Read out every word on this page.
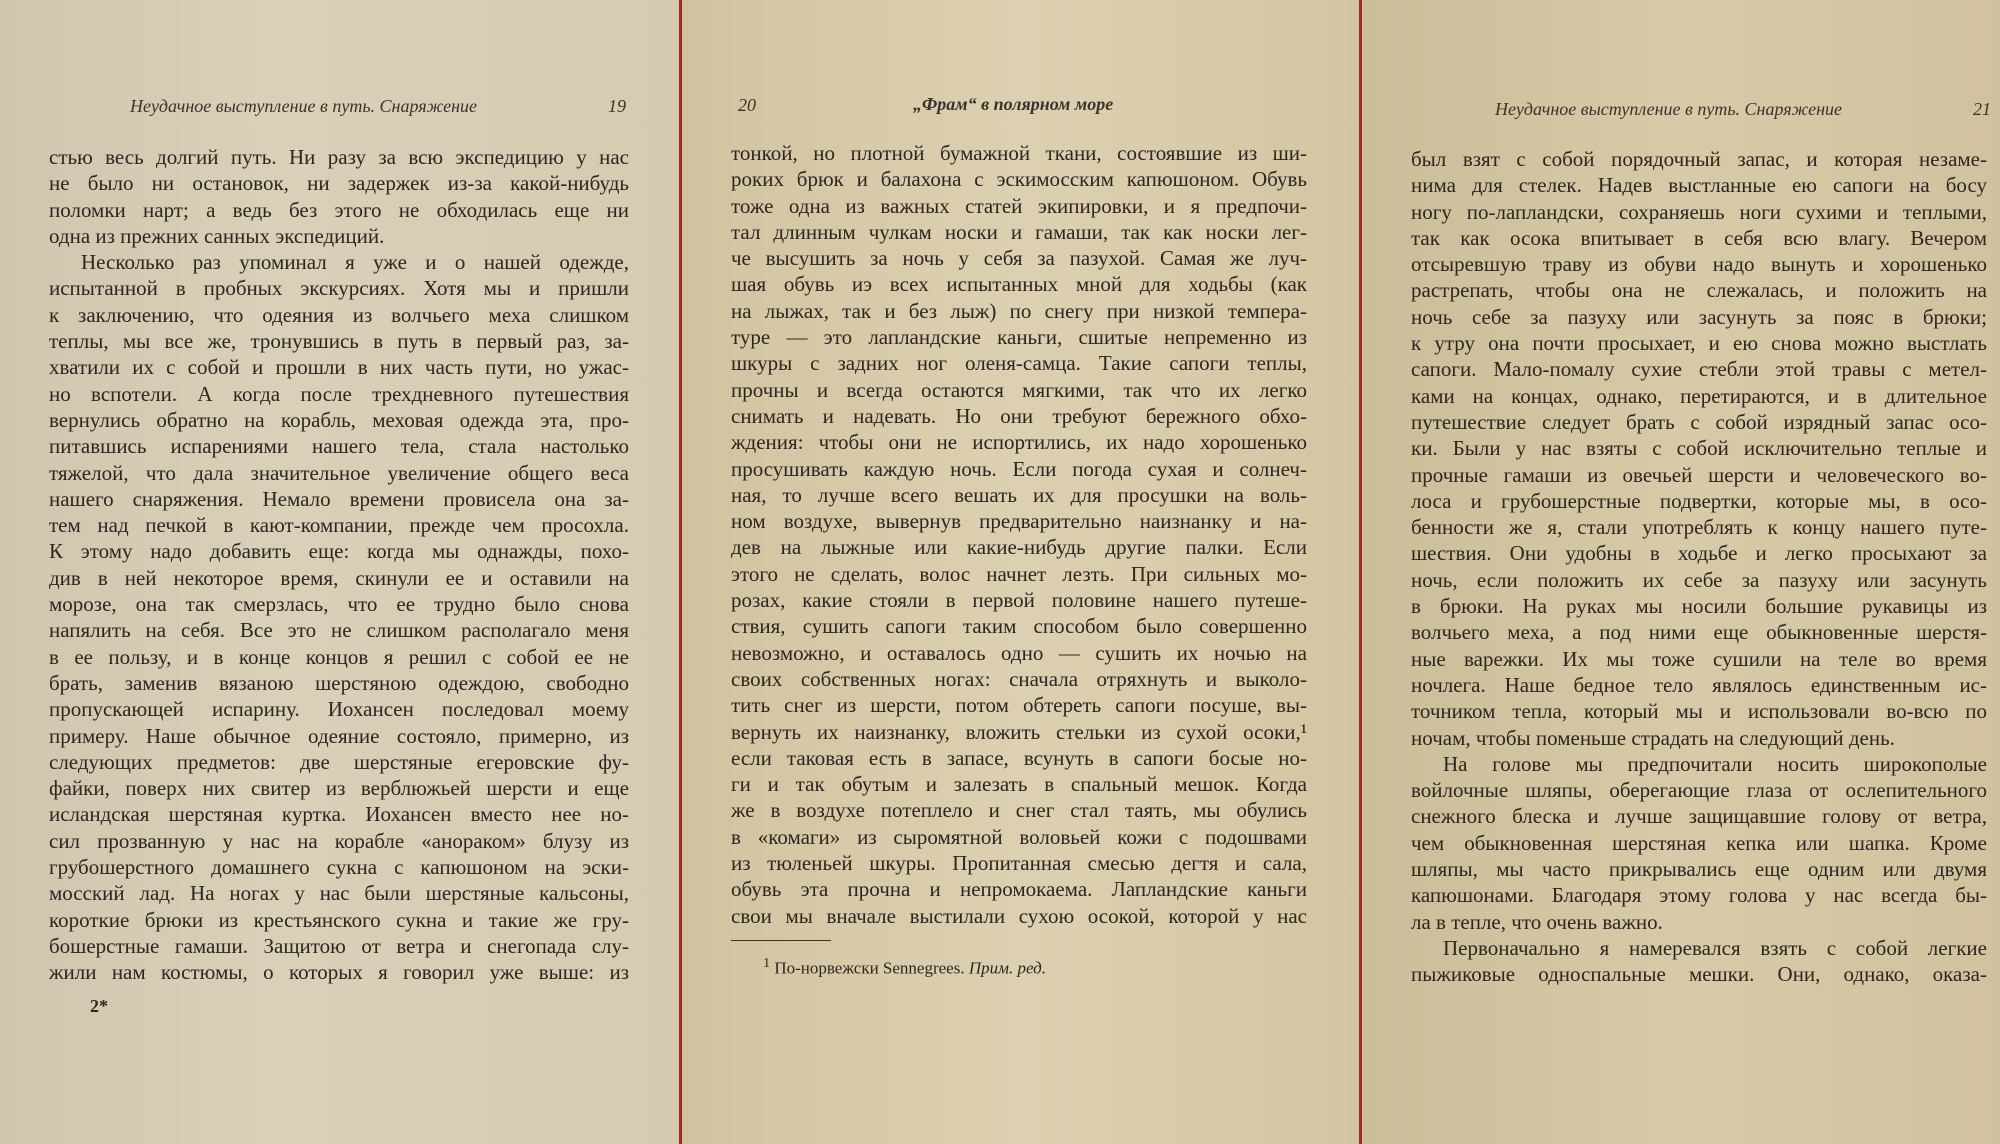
Неудачное выступление в путь. Снаряжение	19
стью весь долгий путь. Ни разу за всю экспедицию у нас
не было ни остановок, ни задержек из-за какой-нибудь
поломки нарт; а ведь без этого не обходилась еще ни
одна из прежних санных экспедиций.
Несколько раз упоминал я уже и о нашей одежде,
испытанной в пробных экскурсиях. Хотя мы и пришли
к заключению, что одеяния из волчьего меха слишком
теплы, мы все же, тронувшись в путь в первый раз, за-
хватили их с собой и прошли в них часть пути, но ужас-
но вспотели. А когда после трехдневного путешествия
вернулись обратно на корабль, меховая одежда эта, про-
питавшись испарениями нашего тела, стала настолько
тяжелой, что дала значительное увеличение общего веса
нашего снаряжения. Немало времени провисела она за-
тем над печкой в кают-компании, прежде чем просохла.
К этому надо добавить еще: когда мы однажды, похо-
див в ней некоторое время, скинули ее и оставили на
морозе, она так смерзлась, что ее трудно было снова
напялить на себя. Все это не слишком располагало меня
в ее пользу, и в конце концов я решил с собой ее не
брать, заменив вязаною шерстяною одеждою, свободно
пропускающей испарину. Иохансен последовал моему
примеру. Наше обычное одеяние состояло, примерно, из
следующих предметов: две шерстяные егеровские фу-
файки, поверх них свитер из верблюжьей шерсти и еще
исландская шерстяная куртка. Иохансен вместо нее но-
сил прозванную у нас на корабле «анораком» блузу из
грубошерстного домашнего сукна с капюшоном на эски-
мосский лад. На ногах у нас были шерстяные кальсоны,
короткие брюки из крестьянского сукна и такие же гру-
бошерстные гамаши. Защитою от ветра и снегопада слу-
жили нам костюмы, о которых я говорил уже выше: из
2*
20	„Фрам“ в полярном море
тонкой, но плотной бумажной ткани, состоявшие из ши-
роких брюк и балахона с эскимосским капюшоном. Обувь
тоже одна из важных статей экипировки, и я предпочи-
тал длинным чулкам носки и гамаши, так как носки лег-
че высушить за ночь у себя за пазухой. Самая же луч-
шая обувь иэ всех испытанных мной для ходьбы (как
на лыжах, так и без лыж) по снегу при низкой темпера-
туре — это лапландские каньги, сшитые непременно из
шкуры с задних ног оленя-самца. Такие сапоги теплы,
прочны и всегда остаются мягкими, так что их легко
снимать и надевать. Но они требуют бережного обхо-
ждения: чтобы они не испортились, их надо хорошенько
просушивать каждую ночь. Если погода сухая и солнеч-
ная, то лучше всего вешать их для просушки на воль-
ном воздухе, вывернув предварительно наизнанку и на-
дев на лыжные или какие-нибудь другие палки. Если
этого не сделать, волос начнет лезть. При сильных мо-
розах, какие стояли в первой половине нашего путеше-
ствия, сушить сапоги таким способом было совершенно
невозможно, и оставалось одно — сушить их ночью на
своих собственных ногах: сначала отряхнуть и выколо-
тить снег из шерсти, потом обтереть сапоги посуше, вы-
вернуть их наизнанку, вложить стельки из сухой осоки,¹
если таковая есть в запасе, всунуть в сапоги босые но-
ги и так обутым и залезать в спальный мешок. Когда
же в воздухе потеплело и снег стал таять, мы обулись
в «комаги» из сыромятной воловьей кожи с подошвами
из тюленьей шкуры. Пропитанная смесью дегтя и сала,
обувь эта прочна и непромокаема. Лапландские каньги
свои мы вначале выстилали сухою осокой, которой у нас
$^1$ По-норвежски Sennegrees. Прим. ред.
Неудачное выступление в путь. Снаряжение	21
был взят с собой порядочный запас, и которая незаме-
нима для стелек. Надев выстланные ею сапоги на босу
ногу по-лапландски, сохраняешь ноги сухими и теплыми,
так как осока впитывает в себя всю влагу. Вечером
отсыревшую траву из обуви надо вынуть и хорошенько
растрепать, чтобы она не слежалась, и положить на
ночь себе за пазуху или засунуть за пояс в брюки;
к утру она почти просыхает, и ею снова можно выстлать
сапоги. Мало-помалу сухие стебли этой травы с метел-
ками на концах, однако, перетираются, и в длительное
путешествие следует брать с собой изрядный запас осо-
ки. Были у нас взяты с собой исключительно теплые и
прочные гамаши из овечьей шерсти и человеческого во-
лоса и грубошерстные подвертки, которые мы, в осо-
бенности же я, стали употреблять к концу нашего путе-
шествия. Они удобны в ходьбе и легко просыхают за
ночь, если положить их себе за пазуху или засунуть
в брюки. На руках мы носили большие рукавицы из
волчьего меха, а под ними еще обыкновенные шерстя-
ные варежки. Их мы тоже сушили на теле во время
ночлега. Наше бедное тело являлось единственным ис-
точником тепла, который мы и использовали во-всю по
ночам, чтобы поменьше страдать на следующий день.
На голове мы предпочитали носить широкополые
войлочные шляпы, оберегающие глаза от ослепительного
снежного блеска и лучше защищавшие голову от ветра,
чем обыкновенная шерстяная кепка или шапка. Кроме
шляпы, мы часто прикрывались еще одним или двумя
капюшонами. Благодаря этому голова у нас всегда бы-
ла в тепле, что очень важно.
Первоначально я намеревался взять с собой легкие
пыжиковые односпальные мешки. Они, однако, оказа-
